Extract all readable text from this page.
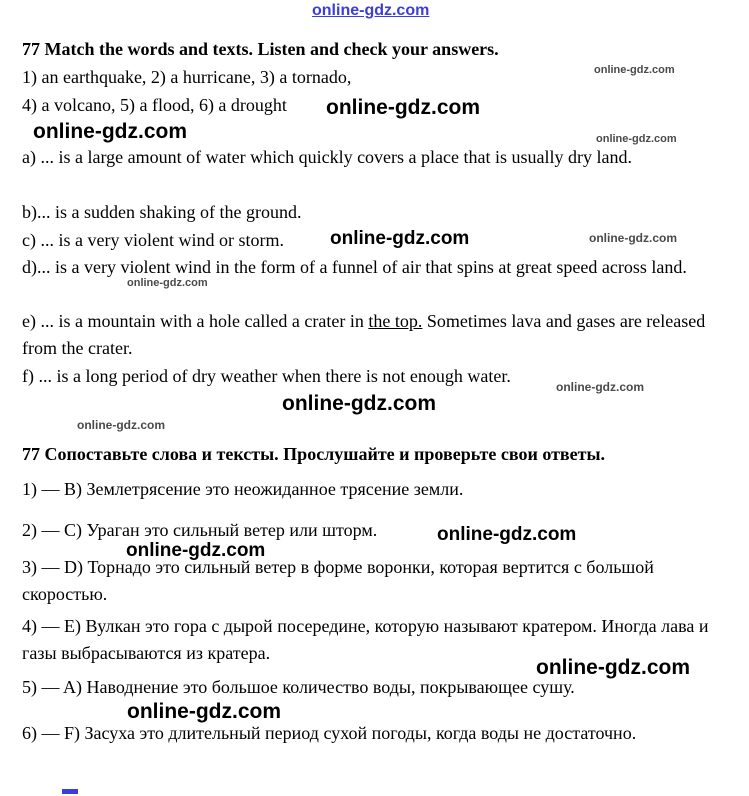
online-gdz.com

77 Match the words and texts. Listen and check your answers.

1) an earthquake, 2) a hurricane, 3) a tornado,

4) a volcano, 5) a flood, 6) a drought

a) ... is a large amount of water which quickly covers a place that is usually dry land.

b)... is a sudden shaking of the ground.

c) ... is a very violent wind or storm.

d)... is a very violent wind in the form of a funnel of air that spins at great speed across land.

e) ... is a mountain with a hole called a crater in the top. Sometimes lava and gases are released from the crater.

f) ... is a long period of dry weather when there is not enough water.

77 Сопоставьте слова и тексты. Прослушайте и проверьте свои ответы.

1) — B) Землетрясение это неожиданное трясение земли.

2) — C) Ураган это сильный ветер или шторм.

3) — D) Торнадо это сильный ветер в форме воронки, которая вертится с большой скоростью.

4) — E) Вулкан это гора с дырой посередине, которую называют кратером. Иногда лава и газы выбрасываются из кратера.

5) — A) Наводнение это большое количество воды, покрывающее сушу.

6) — F) Засуха это длительный период сухой погоды, когда воды не достаточно.

online-gdz.com
online-gdz.com
online-gdz.com	online-gdz.com
online-gdz.com	online-gdz.com
online-gdz.com
online-gdz.com
online-gdz.com
online-gdz.com
online-gdz.com
online-gdz.com
online-gdz.com
online-gdz.com
